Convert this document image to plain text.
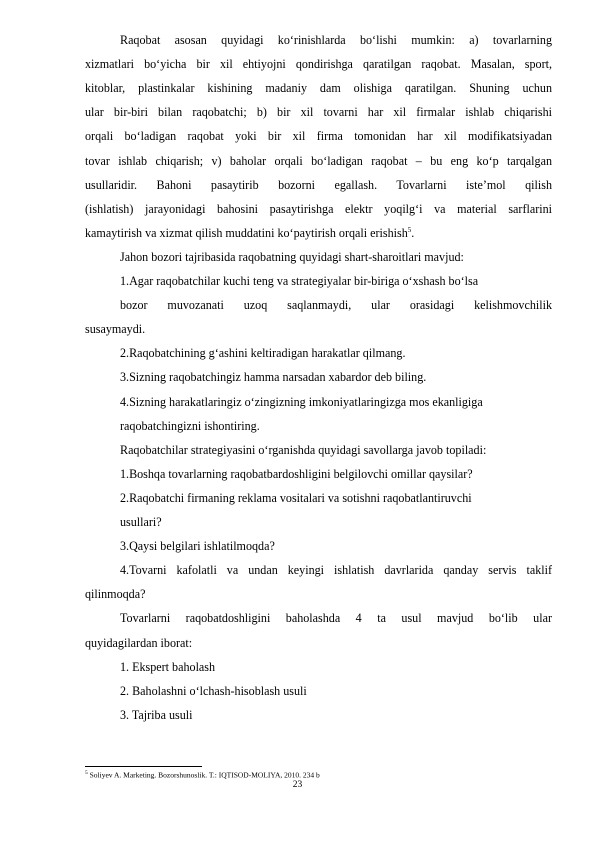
Raqobat asosan quyidagi ko‘rinishlarda bo‘lishi mumkin: a) tovarlarning
xizmatlari bo‘yicha bir xil ehtiyojni qondirishga qaratilgan raqobat. Masalan, sport,
kitoblar, plastinkalar kishining madaniy dam olishiga qaratilgan. Shuning uchun
ular bir-biri bilan raqobatchi; b) bir xil tovarni har xil firmalar ishlab chiqarishi
orqali bo‘ladigan raqobat yoki bir xil firma tomonidan har xil modifikatsiyadan
tovar ishlab chiqarish; v) baholar orqali bo‘ladigan raqobat – bu eng ko‘p tarqalgan
usullaridir. Bahoni pasaytirib bozorni egallash. Tovarlarni iste’mol qilish
(ishlatish) jarayonidagi bahosini pasaytirishga elektr yoqilg‘i va material sarflarini
kamaytirish va xizmat qilish muddatini ko‘paytirish orqali erishish$^5$.
Jahon bozori tajribasida raqobatning quyidagi shart-sharoitlari mavjud:
1.Agar raqobatchilar kuchi teng va strategiyalar bir-biriga o‘xshash bo‘lsa
bozor muvozanati uzoq saqlanmaydi, ular orasidagi kelishmovchilik
susaymaydi.
2.Raqobatchining g‘ashini keltiradigan harakatlar qilmang.
3.Sizning raqobatchingiz hamma narsadan xabardor deb biling.
4.Sizning harakatlaringiz o‘zingizning imkoniyatlaringizga mos ekanligiga
raqobatchingizni ishontiring.
Raqobatchilar strategiyasini o‘rganishda quyidagi savollarga javob topiladi:
1.Boshqa tovarlarning raqobatbardoshligini belgilovchi omillar qaysilar?
2.Raqobatchi firmaning reklama vositalari va sotishni raqobatlantiruvchi
usullari?
3.Qaysi belgilari ishlatilmoqda?
4.Tovarni kafolatli va undan keyingi ishlatish davrlarida qanday servis taklif
qilinmoqda?
Tovarlarni raqobatdoshligini baholashda 4 ta usul mavjud bo‘lib ular
quyidagilardan iborat:
1. Ekspert baholash
2. Baholashni o‘lchash-hisoblash usuli
3. Tajriba usuli
$^5$ Soliyev A. Marketing. Bozorshunoslik. T.: IQTISOD-MOLIYA, 2010. 234 b
23
